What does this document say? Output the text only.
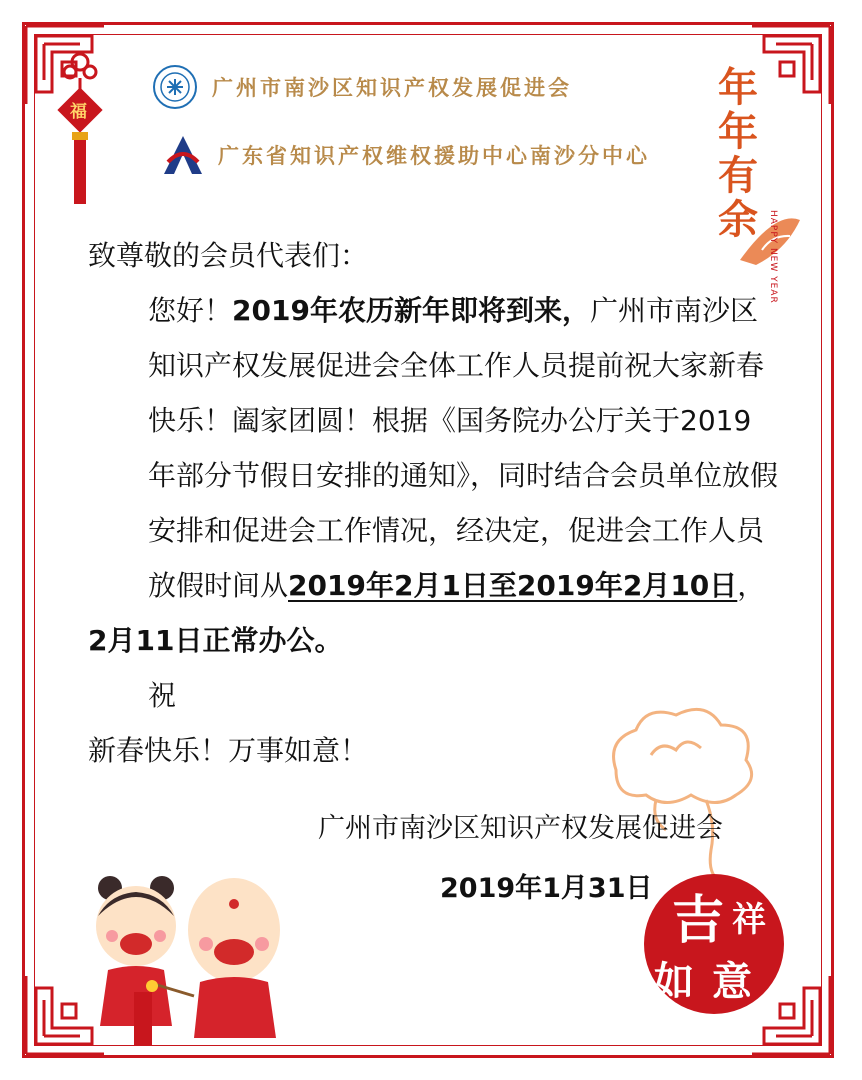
福
广州市南沙区知识产权发展促进会
广东省知识产权维权援助中心南沙分中心
年年有余	HAPPY NEW YEAR

致尊敬的会员代表们：

您好！2019年农历新年即将到来，广州市南沙区知识产权发展促进会全体工作人员提前祝大家新春快乐！阖家团圆！根据《国务院办公厅关于2019年部分节假日安排的通知》，同时结合会员单位放假安排和促进会工作情况，经决定，促进会工作人员放假时间从2019年2月1日至2019年2月10日，

2月11日正常办公。

祝

新春快乐！万事如意！

广州市南沙区知识产权发展促进会
2019年1月31日
吉 祥
如 意
